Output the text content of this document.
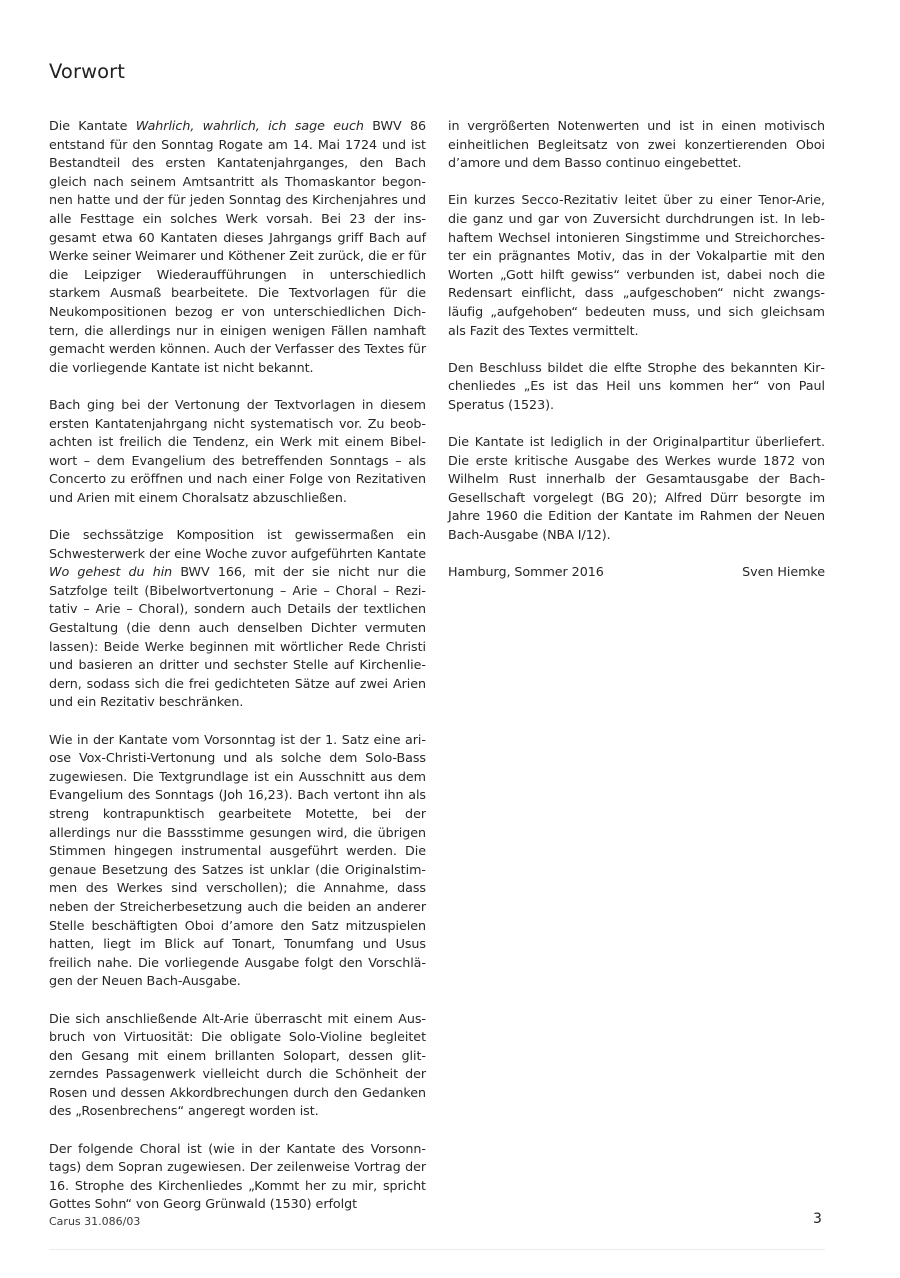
Vorwort

Die Kantate Wahrlich, wahrlich, ich sage euch BWV 86 entstand für den Sonntag Rogate am 14. Mai 1724 und ist Bestandteil des ersten Kantatenjahrganges, den Bach gleich nach seinem Amtsantritt als Thomaskantor begonnen hatte und der für jeden Sonntag des Kirchenjahres und alle Festtage ein solches Werk vorsah. Bei 23 der insgesamt etwa 60 Kantaten dieses Jahrgangs griff Bach auf Werke seiner Weimarer und Köthener Zeit zurück, die er für die Leipziger Wiederaufführungen in unterschiedlich starkem Ausmaß bearbeitete. Die Textvorlagen für die Neukompositionen bezog er von unterschiedlichen Dichtern, die allerdings nur in einigen wenigen Fällen namhaft gemacht werden können. Auch der Verfasser des Textes für die vorliegende Kantate ist nicht bekannt.

Bach ging bei der Vertonung der Textvorlagen in diesem ersten Kantatenjahrgang nicht systematisch vor. Zu beobachten ist freilich die Tendenz, ein Werk mit einem Bibelwort – dem Evangelium des betreffenden Sonntags – als Concerto zu eröffnen und nach einer Folge von Rezitativen und Arien mit einem Choralsatz abzuschließen.

Die sechssätzige Komposition ist gewissermaßen ein Schwesterwerk der eine Woche zuvor aufgeführten Kantate Wo gehest du hin BWV 166, mit der sie nicht nur die Satzfolge teilt (Bibelwortvertonung – Arie – Choral – Rezitativ – Arie – Choral), sondern auch Details der textlichen Gestaltung (die denn auch denselben Dichter vermuten lassen): Beide Werke beginnen mit wörtlicher Rede Christi und basieren an dritter und sechster Stelle auf Kirchenliedern, sodass sich die frei gedichteten Sätze auf zwei Arien und ein Rezitativ beschränken.

Wie in der Kantate vom Vorsonntag ist der 1. Satz eine ariose Vox-Christi-Vertonung und als solche dem Solo-Bass zugewiesen. Die Textgrundlage ist ein Ausschnitt aus dem Evangelium des Sonntags (Joh 16,23). Bach vertont ihn als streng kontrapunktisch gearbeitete Motette, bei der allerdings nur die Bassstimme gesungen wird, die übrigen Stimmen hingegen instrumental ausgeführt werden. Die genaue Besetzung des Satzes ist unklar (die Originalstimmen des Werkes sind verschollen); die Annahme, dass neben der Streicherbesetzung auch die beiden an anderer Stelle beschäftigten Oboi d’amore den Satz mitzuspielen hatten, liegt im Blick auf Tonart, Tonumfang und Usus freilich nahe. Die vorliegende Ausgabe folgt den Vorschlägen der Neuen Bach-Ausgabe.

Die sich anschließende Alt-Arie überrascht mit einem Ausbruch von Virtuosität: Die obligate Solo-Violine begleitet den Gesang mit einem brillanten Solopart, dessen glitzerndes Passagenwerk vielleicht durch die Schönheit der Rosen und dessen Akkordbrechungen durch den Gedanken des „Rosenbrechens“ angeregt worden ist.

Der folgende Choral ist (wie in der Kantate des Vorsonntags) dem Sopran zugewiesen. Der zeilenweise Vortrag der 16. Strophe des Kirchenliedes „Kommt her zu mir, spricht Gottes Sohn“ von Georg Grünwald (1530) erfolgt

in vergrößerten Notenwerten und ist in einen motivisch einheitlichen Begleitsatz von zwei konzertierenden Oboi d’amore und dem Basso continuo eingebettet.

Ein kurzes Secco-Rezitativ leitet über zu einer Tenor-Arie, die ganz und gar von Zuversicht durchdrungen ist. In lebhaftem Wechsel intonieren Singstimme und Streichorchester ein prägnantes Motiv, das in der Vokalpartie mit den Worten „Gott hilft gewiss“ verbunden ist, dabei noch die Redensart einflicht, dass „aufgeschoben“ nicht zwangsläufig „aufgehoben“ bedeuten muss, und sich gleichsam als Fazit des Textes vermittelt.

Den Beschluss bildet die elfte Strophe des bekannten Kirchenliedes „Es ist das Heil uns kommen her“ von Paul Speratus (1523).

Die Kantate ist lediglich in der Originalpartitur überliefert. Die erste kritische Ausgabe des Werkes wurde 1872 von Wilhelm Rust innerhalb der Gesamtausgabe der Bach-Gesellschaft vorgelegt (BG 20); Alfred Dürr besorgte im Jahre 1960 die Edition der Kantate im Rahmen der Neuen Bach-Ausgabe (NBA I/12).

Hamburg, Sommer 2016	Sven Hiemke

Carus 31.086/03	3
